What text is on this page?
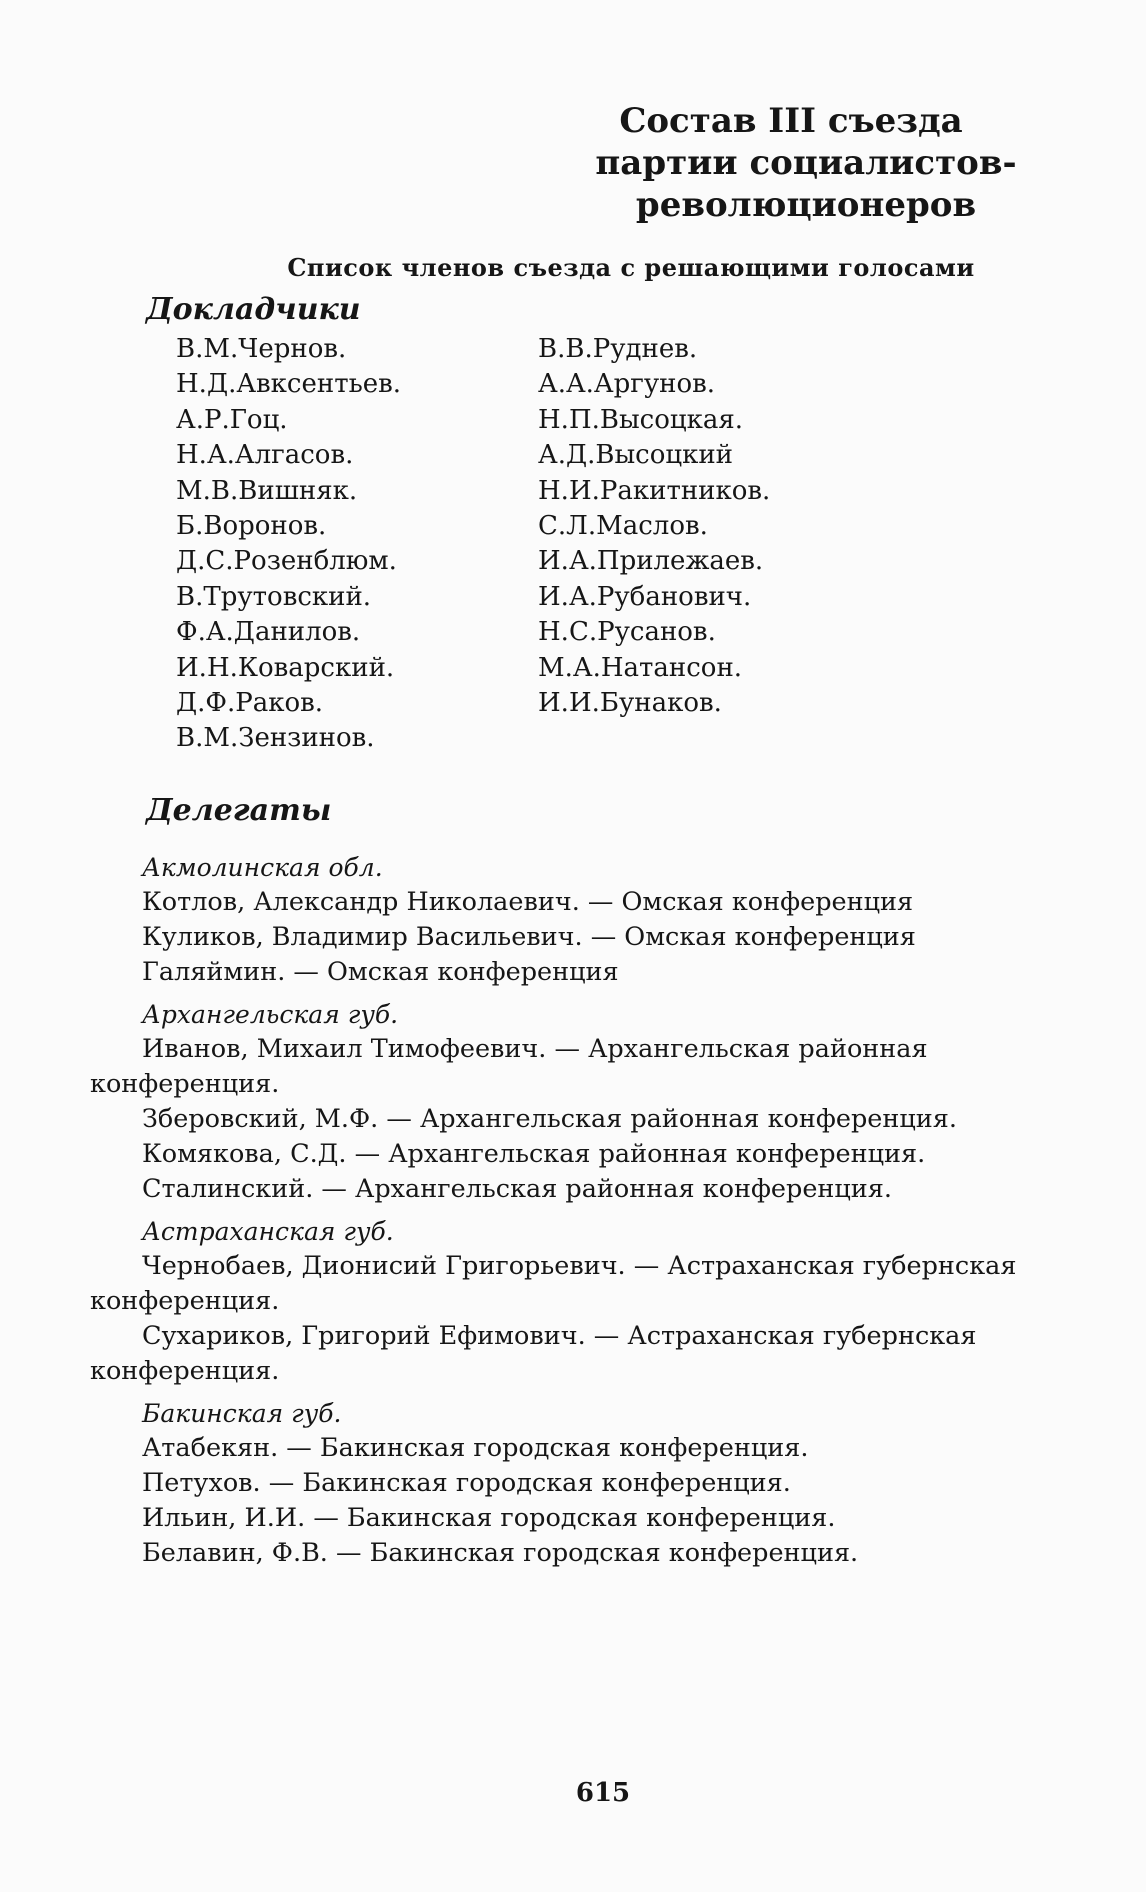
Состав III съезда
партии социалистов-революционеров
Список членов съезда с решающими голосами
Докладчики
В.М.Чернов.
Н.Д.Авксентьев.
А.Р.Гоц.
Н.А.Алгасов.
М.В.Вишняк.
Б.Воронов.
Д.С.Розенблюм.
В.Трутовский.
Ф.А.Данилов.
И.Н.Коварский.
Д.Ф.Раков.
В.М.Зензинов.
В.В.Руднев.
А.А.Аргунов.
Н.П.Высоцкая.
А.Д.Высоцкий
Н.И.Ракитников.
С.Л.Маслов.
И.А.Прилежаев.
И.А.Рубанович.
Н.С.Русанов.
М.А.Натансон.
И.И.Бунаков.
Делегаты
Акмолинская обл.
Котлов, Александр Николаевич. — Омская конференция
Куликов, Владимир Васильевич. — Омская конференция
Галяймин. — Омская конференция
Архангельская губ.
Иванов, Михаил Тимофеевич. — Архангельская районная конференция.
Зберовский, М.Ф. — Архангельская районная конференция.
Комякова, С.Д. — Архангельская районная конференция.
Сталинский. — Архангельская районная конференция.
Астраханская губ.
Чернобаев, Дионисий Григорьевич. — Астраханская губернская конференция.
Сухариков, Григорий Ефимович. — Астраханская губернская конференция.
Бакинская губ.
Атабекян. — Бакинская городская конференция.
Петухов. — Бакинская городская конференция.
Ильин, И.И. — Бакинская городская конференция.
Белавин, Ф.В. — Бакинская городская конференция.
615
